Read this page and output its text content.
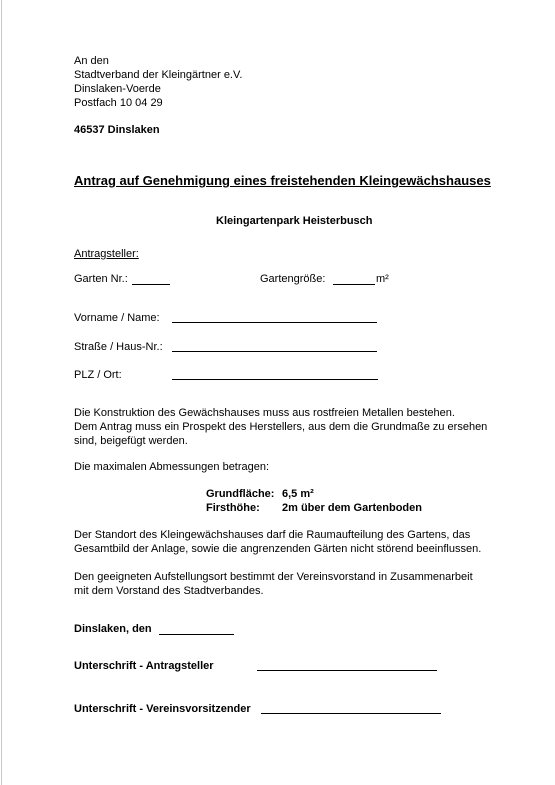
An den
Stadtverband der Kleingärtner e.V.
Dinslaken-Voerde
Postfach 10 04 29
46537 Dinslaken
Antrag auf Genehmigung eines freistehenden Kleingewächshauses
Kleingartenpark Heisterbusch
Antragsteller:
Garten Nr.:	Gartengröße:	m²
Vorname / Name:
Straße / Haus-Nr.:
PLZ / Ort:
Die Konstruktion des Gewächshauses muss aus rostfreien Metallen bestehen.
Dem Antrag muss ein Prospekt des Herstellers, aus dem die Grundmaße zu ersehen
sind, beigefügt werden.
Die maximalen Abmessungen betragen:
Grundfläche: 6,5 m²
Firsthöhe: 2m über dem Gartenboden
Der Standort des Kleingewächshauses darf die Raumaufteilung des Gartens, das
Gesamtbild der Anlage, sowie die angrenzenden Gärten nicht störend beeinflussen.
Den geeigneten Aufstellungsort bestimmt der Vereinsvorstand in Zusammenarbeit
mit dem Vorstand des Stadtverbandes.
Dinslaken, den
Unterschrift - Antragsteller
Unterschrift - Vereinsvorsitzender
